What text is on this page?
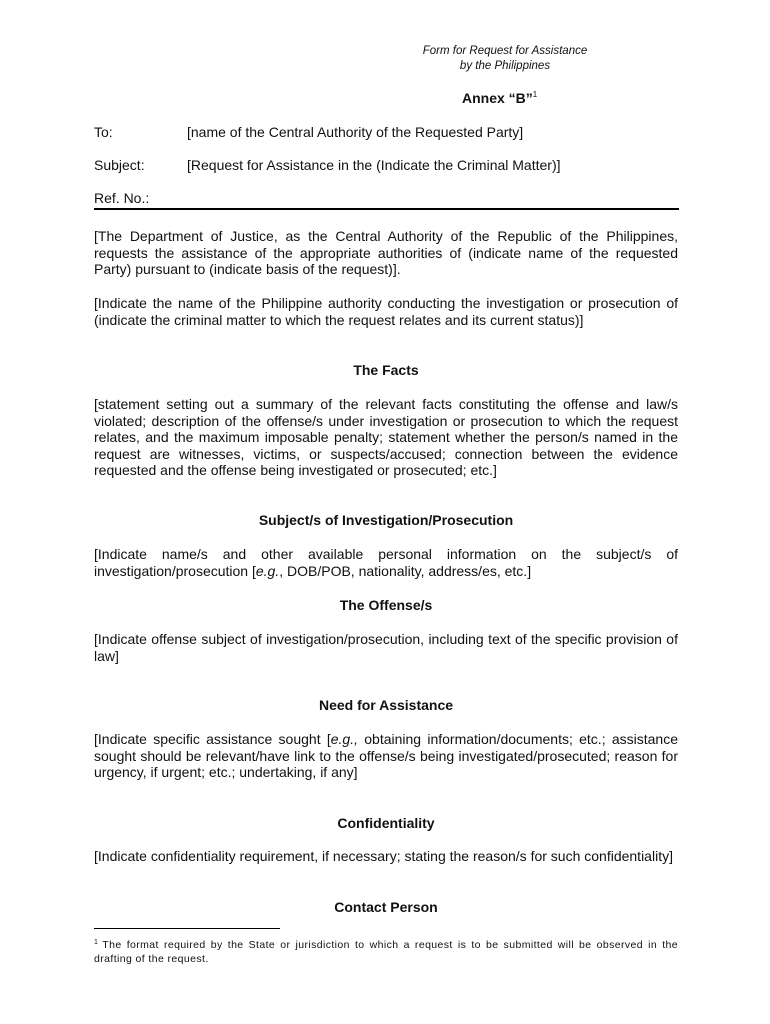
Form for Request for Assistance
by the Philippines
Annex “B”$^1$
To:	[name of the Central Authority of the Requested Party]
Subject:	[Request for Assistance in the (Indicate the Criminal Matter)]
Ref. No.:
[The Department of Justice, as the Central Authority of the Republic of the Philippines, requests the assistance of the appropriate authorities of (indicate name of the requested Party) pursuant to (indicate basis of the request)].
[Indicate the name of the Philippine authority conducting the investigation or prosecution of (indicate the criminal matter to which the request relates and its current status)]
The Facts
[statement setting out a summary of the relevant facts constituting the offense and law/s violated; description of the offense/s under investigation or prosecution to which the request relates, and the maximum imposable penalty; statement whether the person/s named in the request are witnesses, victims, or suspects/accused; connection between the evidence requested and the offense being investigated or prosecuted; etc.]
Subject/s of Investigation/Prosecution
[Indicate name/s and other available personal information on the subject/s of investigation/prosecution [e.g., DOB/POB, nationality, address/es, etc.]
The Offense/s
[Indicate offense subject of investigation/prosecution, including text of the specific provision of law]
Need for Assistance
[Indicate specific assistance sought [e.g., obtaining information/documents; etc.; assistance sought should be relevant/have link to the offense/s being investigated/prosecuted; reason for urgency, if urgent; etc.; undertaking, if any]
Confidentiality
[Indicate confidentiality requirement, if necessary; stating the reason/s for such confidentiality]
Contact Person
$^1$ The format required by the State or jurisdiction to which a request is to be submitted will be observed in the drafting of the request.
